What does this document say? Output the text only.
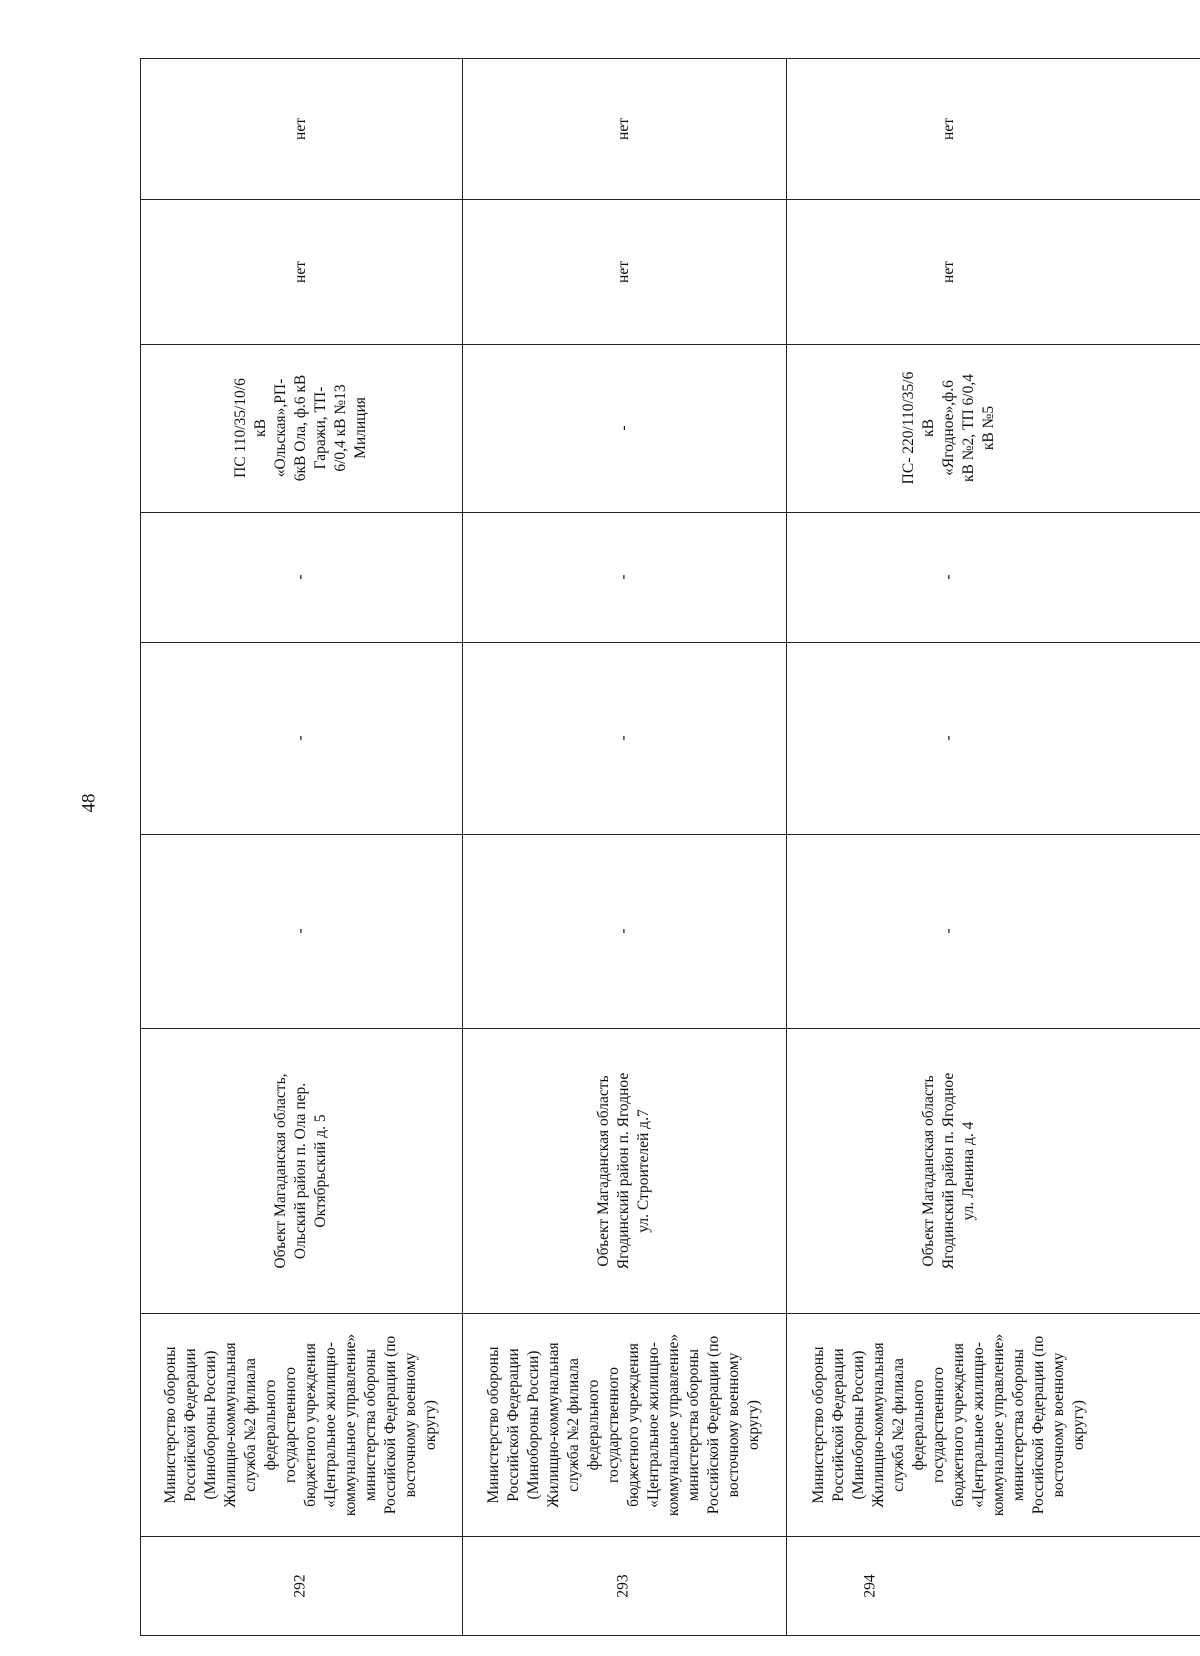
48
292
Министерство обороны
Российской Федерации
(Минобороны России)
Жилищно-коммунальная
служба №2 филиала
федерального
государственного
бюджетного учреждения
«Центральное жилищно-
коммунальное управление»
министерства обороны
Российской Федерации (по
восточному военному
округу)
Объект Магаданская область,
Ольский район п. Ола пер.
Октябрьский д. 5
-
-
-
ПС 110/35/10/6
кВ
«Ольская»,РП-
6кВ Ола, ф.6 кВ
Гаражи, ТП-
6/0,4 кВ №13
Милиция
нет
нет
293
Министерство обороны
Российской Федерации
(Минобороны России)
Жилищно-коммунальная
служба №2 филиала
федерального
государственного
бюджетного учреждения
«Центральное жилищно-
коммунальное управление»
министерства обороны
Российской Федерации (по
восточному военному
округу)
Объект Магаданская область
Ягодинский район п. Ягодное
ул. Строителей д.7
-
-
-
-
нет
нет
294
Министерство обороны
Российской Федерации
(Минобороны России)
Жилищно-коммунальная
служба №2 филиала
федерального
государственного
бюджетного учреждения
«Центральное жилищно-
коммунальное управление»
министерства обороны
Российской Федерации (по
восточному военному
округу)
Объект Магаданская область
Ягодинский район п. Ягодное
ул. Ленина д. 4
-
-
-
ПС- 220/110/35/6
кВ
«Ягодное»,ф.6
кВ №2, ТП 6/0,4
кВ №5
нет
нет
